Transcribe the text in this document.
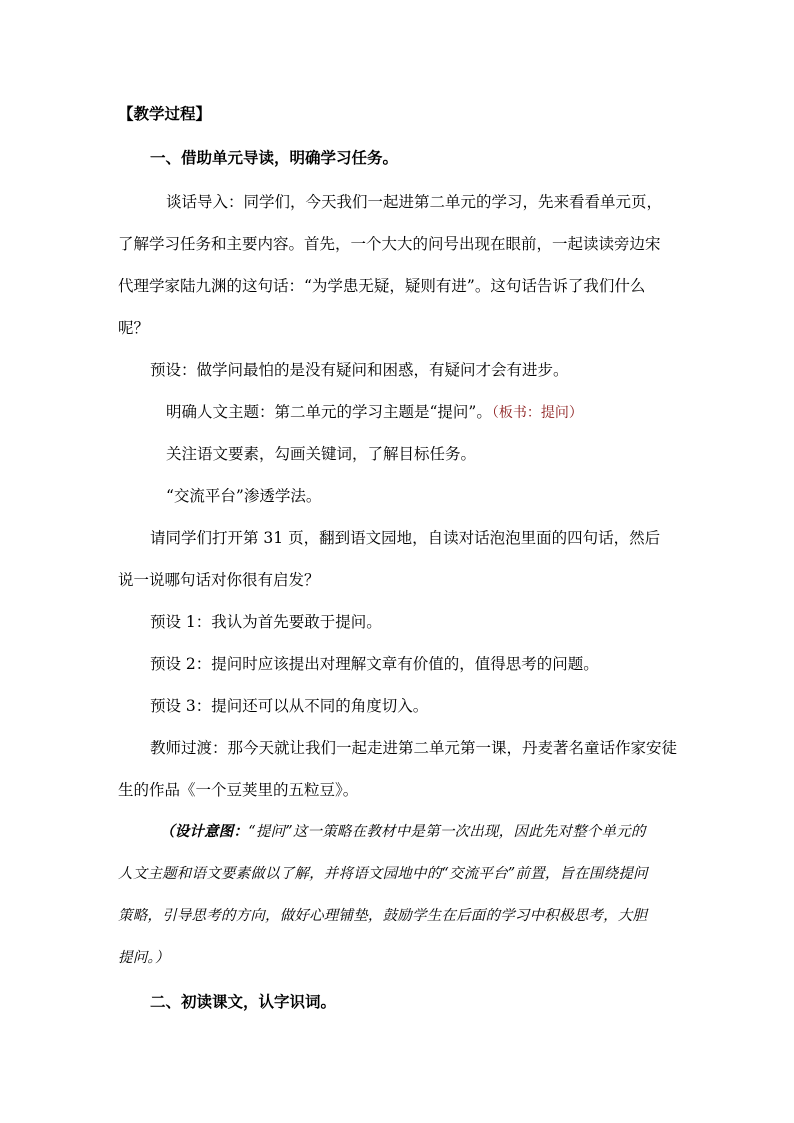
【教学过程】
一、借助单元导读，明确学习任务。
谈话导入：同学们，今天我们一起进第二单元的学习，先来看看单元页，
了解学习任务和主要内容。首先，一个大大的问号出现在眼前，一起读读旁边宋
代理学家陆九渊的这句话：“为学患无疑，疑则有进”。这句话告诉了我们什么
呢？
预设：做学问最怕的是没有疑问和困惑，有疑问才会有进步。
明确人文主题：第二单元的学习主题是“提问”。（板书：提问）
关注语文要素，勾画关键词，了解目标任务。
“交流平台”渗透学法。
请同学们打开第 31 页，翻到语文园地，自读对话泡泡里面的四句话，然后
说一说哪句话对你很有启发？
预设 1：我认为首先要敢于提问。
预设 2：提问时应该提出对理解文章有价值的，值得思考的问题。
预设 3：提问还可以从不同的角度切入。
教师过渡：那今天就让我们一起走进第二单元第一课，丹麦著名童话作家安徒
生的作品《一个豆荚里的五粒豆》。
（设计意图：“提问”这一策略在教材中是第一次出现，因此先对整个单元的
人文主题和语文要素做以了解，并将语文园地中的“交流平台”前置，旨在围绕提问
策略，引导思考的方向，做好心理铺垫，鼓励学生在后面的学习中积极思考，大胆
提问。）
二、初读课文，认字识词。
